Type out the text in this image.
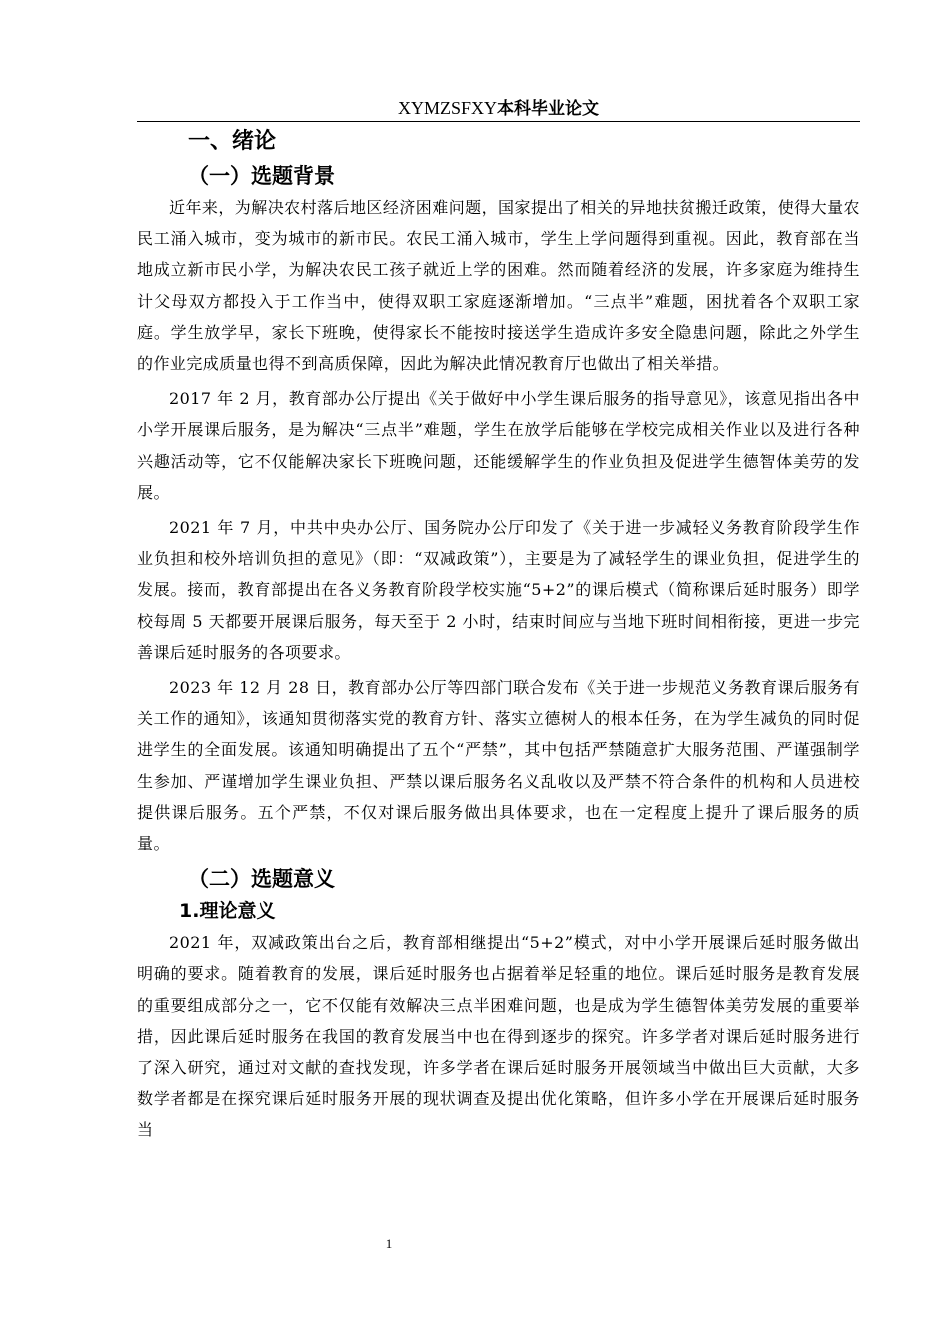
XYMZSFXY本科毕业论文
一、绪论
（一）选题背景

近年来，为解决农村落后地区经济困难问题，国家提出了相关的异地扶贫搬迁政策，使得大量农民工涌入城市，变为城市的新市民。农民工涌入城市，学生上学问题得到重视。因此，教育部在当地成立新市民小学，为解决农民工孩子就近上学的困难。然而随着经济的发展，许多家庭为维持生计父母双方都投入于工作当中，使得双职工家庭逐渐增加。“三点半”难题，困扰着各个双职工家庭。学生放学早，家长下班晚，使得家长不能按时接送学生造成许多安全隐患问题，除此之外学生的作业完成质量也得不到高质保障，因此为解决此情况教育厅也做出了相关举措。

2017 年 2 月，教育部办公厅提出《关于做好中小学生课后服务的指导意见》，该意见指出各中小学开展课后服务，是为解决“三点半”难题，学生在放学后能够在学校完成相关作业以及进行各种兴趣活动等，它不仅能解决家长下班晚问题，还能缓解学生的作业负担及促进学生德智体美劳的发展。

2021 年 7 月，中共中央办公厅、国务院办公厅印发了《关于进一步减轻义务教育阶段学生作业负担和校外培训负担的意见》（即：“双减政策”），主要是为了减轻学生的课业负担，促进学生的发展。接而，教育部提出在各义务教育阶段学校实施“5+2”的课后模式（简称课后延时服务）即学校每周 5 天都要开展课后服务，每天至于 2 小时，结束时间应与当地下班时间相衔接，更进一步完善课后延时服务的各项要求。

2023 年 12 月 28 日，教育部办公厅等四部门联合发布《关于进一步规范义务教育课后服务有关工作的通知》，该通知贯彻落实党的教育方针、落实立德树人的根本任务，在为学生减负的同时促进学生的全面发展。该通知明确提出了五个“严禁”，其中包括严禁随意扩大服务范围、严谨强制学生参加、严谨增加学生课业负担、严禁以课后服务名义乱收以及严禁不符合条件的机构和人员进校提供课后服务。五个严禁，不仅对课后服务做出具体要求，也在一定程度上提升了课后服务的质量。

（二）选题意义
1.理论意义

2021 年，双减政策出台之后，教育部相继提出“5+2”模式，对中小学开展课后延时服务做出明确的要求。随着教育的发展，课后延时服务也占据着举足轻重的地位。课后延时服务是教育发展的重要组成部分之一，它不仅能有效解决三点半困难问题，也是成为学生德智体美劳发展的重要举措，因此课后延时服务在我国的教育发展当中也在得到逐步的探究。许多学者对课后延时服务进行了深入研究，通过对文献的查找发现，许多学者在课后延时服务开展领域当中做出巨大贡献，大多数学者都是在探究课后延时服务开展的现状调查及提出优化策略，但许多小学在开展课后延时服务当

1
